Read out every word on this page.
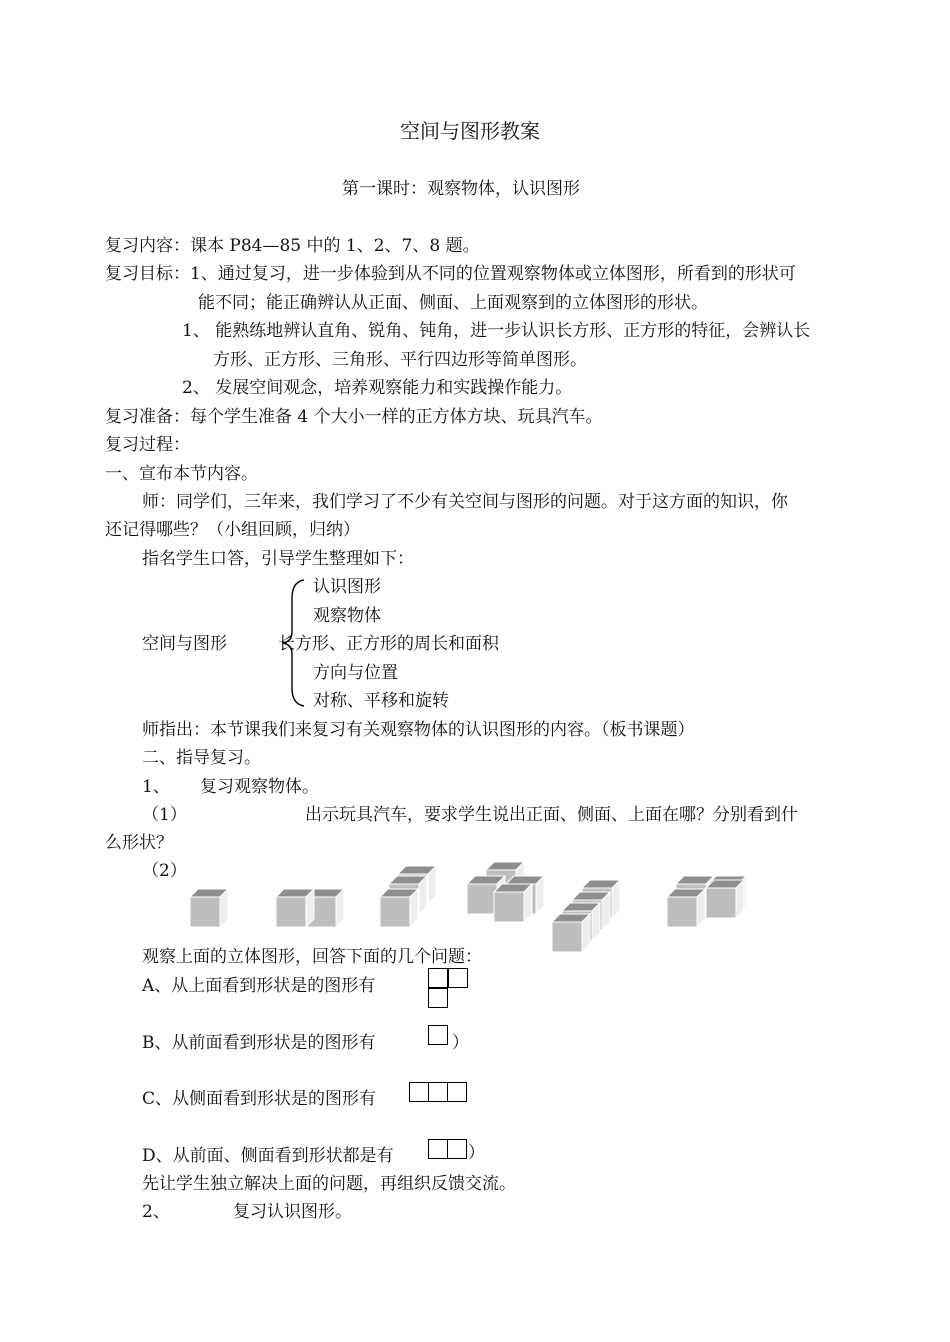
空间与图形教案
第一课时：观察物体，认识图形
复习内容：课本 P84—85 中的 1、2、7、8 题。
复习目标：1、通过复习，进一步体验到从不同的位置观察物体或立体图形，所看到的形状可
能不同；能正确辨认从正面、侧面、上面观察到的立体图形的形状。
1、 能熟练地辨认直角、锐角、钝角，进一步认识长方形、正方形的特征，会辨认长
方形、正方形、三角形、平行四边形等简单图形。
2、 发展空间观念，培养观察能力和实践操作能力。
复习准备：每个学生准备 4 个大小一样的正方体方块、玩具汽车。
复习过程：
一、宣布本节内容。
师：同学们，三年来，我们学习了不少有关空间与图形的问题。对于这方面的知识，你
还记得哪些？（小组回顾，归纳）
指名学生口答，引导学生整理如下：
空间与图形
认识图形
观察物体
长方形、正方形的周长和面积
方向与位置
对称、平移和旋转
师指出：本节课我们来复习有关观察物体的认识图形的内容。（板书课题）
二、指导复习。
1、 复习观察物体。
（1）	出示玩具汽车，要求学生说出正面、侧面、上面在哪？分别看到什
么形状？
（2）
观察上面的立体图形，回答下面的几个问题：
A、从上面看到形状是的图形有
B、从前面看到形状是的图形有	）
C、从侧面看到形状是的图形有
D、从前面、侧面看到形状都是有	）
先让学生独立解决上面的问题，再组织反馈交流。
2、	复习认识图形。
